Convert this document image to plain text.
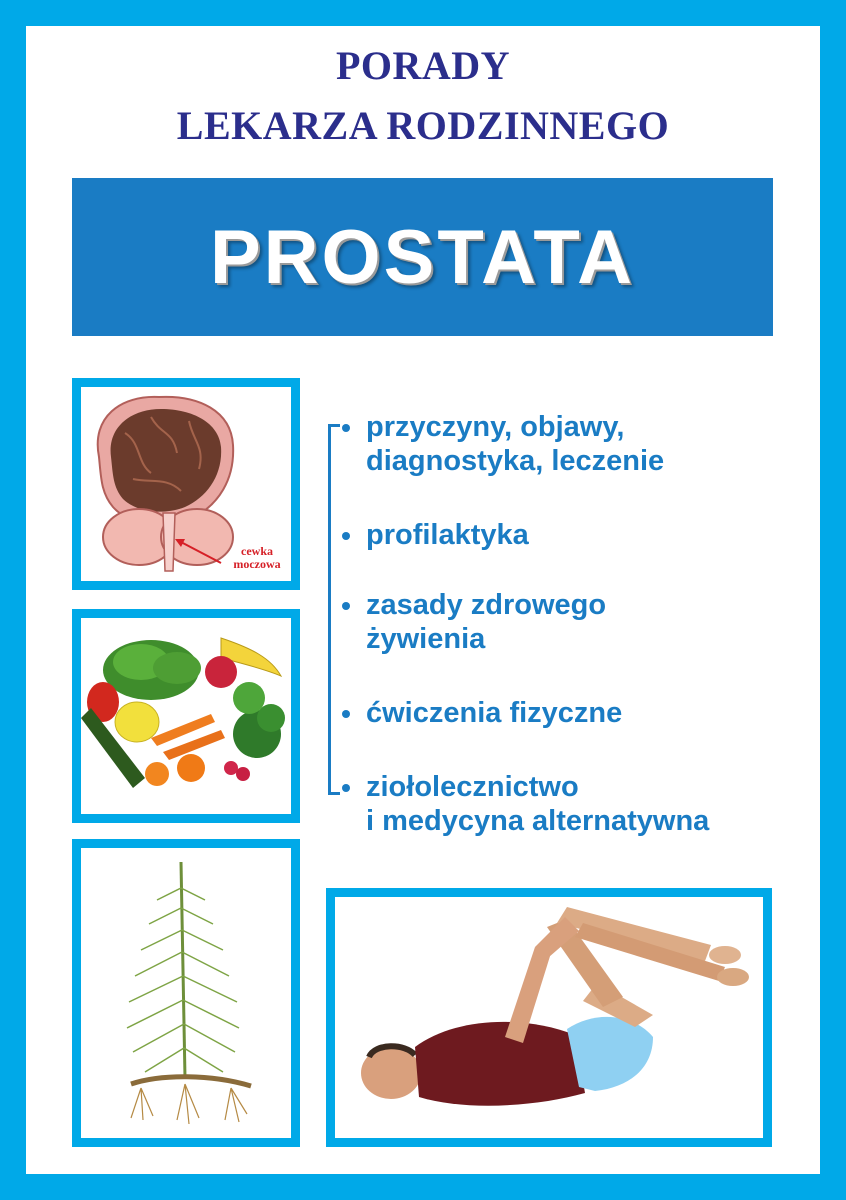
PORADY
LEKARZA RODZINNEGO
PROSTATA
cewka
moczowa
przyczyny, objawy,
diagnostyka, leczenie
profilaktyka
zasady zdrowego
żywienia
ćwiczenia fizyczne
ziołolecznictwo
i medycyna alternatywna
